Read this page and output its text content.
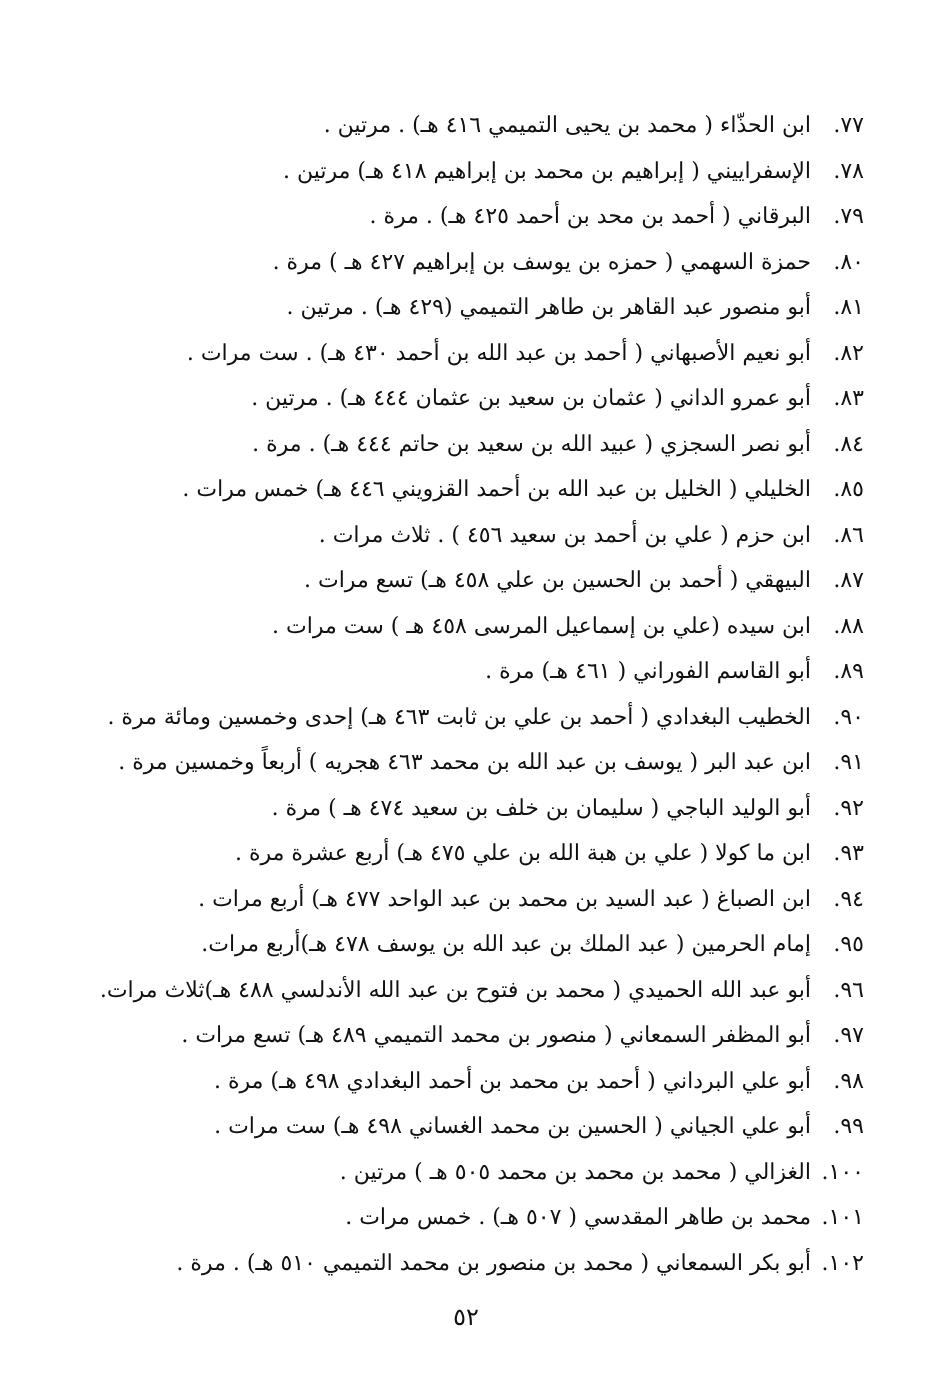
٧٧. ابن الحذّاء ( محمد بن يحيى التميمي ٤١٦ هـ) . مرتين .
٧٨. الإسفراييني ( إبراهيم بن محمد بن إبراهيم ٤١٨ هـ) مرتين .
٧٩. البرقاني ( أحمد بن محد بن أحمد ٤٢٥ هـ) . مرة .
٨٠. حمزة السهمي ( حمزه بن يوسف بن إبراهيم ٤٢٧ هـ ) مرة .
٨١. أبو منصور عبد القاهر بن طاهر التميمي (٤٢٩ هـ) . مرتين .
٨٢. أبو نعيم الأصبهاني ( أحمد بن عبد الله بن أحمد ٤٣٠ هـ) . ست مرات .
٨٣. أبو عمرو الداني ( عثمان بن سعيد بن عثمان ٤٤٤ هـ) . مرتين .
٨٤. أبو نصر السجزي ( عبيد الله بن سعيد بن حاتم ٤٤٤ هـ) . مرة .
٨٥. الخليلي ( الخليل بن عبد الله بن أحمد القزويني ٤٤٦ هـ) خمس مرات .
٨٦. ابن حزم ( علي بن أحمد بن سعيد ٤٥٦ ) . ثلاث مرات .
٨٧. البيهقي ( أحمد بن الحسين بن علي ٤٥٨ هـ) تسع مرات .
٨٨. ابن سيده (علي بن إسماعيل المرسى ٤٥٨ هـ ) ست مرات .
٨٩. أبو القاسم الفوراني ( ٤٦١ هـ) مرة .
٩٠. الخطيب البغدادي ( أحمد بن علي بن ثابت ٤٦٣ هـ) إحدى وخمسين ومائة مرة .
٩١. ابن عبد البر ( يوسف بن عبد الله بن محمد ٤٦٣ هجريه ) أربعاً وخمسين مرة .
٩٢. أبو الوليد الباجي ( سليمان بن خلف بن سعيد ٤٧٤ هـ ) مرة .
٩٣. ابن ما كولا ( علي بن هبة الله بن علي ٤٧٥ هـ) أربع عشرة مرة .
٩٤. ابن الصباغ ( عبد السيد بن محمد بن عبد الواحد ٤٧٧ هـ) أربع مرات .
٩٥. إمام الحرمين ( عبد الملك بن عبد الله بن يوسف ٤٧٨ هـ)أربع مرات.
٩٦. أبو عبد الله الحميدي ( محمد بن فتوح بن عبد الله الأندلسي ٤٨٨ هـ)ثلاث مرات.
٩٧. أبو المظفر السمعاني ( منصور بن محمد التميمي ٤٨٩ هـ) تسع مرات .
٩٨. أبو علي البرداني ( أحمد بن محمد بن أحمد البغدادي ٤٩٨ هـ) مرة .
٩٩. أبو علي الجياني ( الحسين بن محمد الغساني ٤٩٨ هـ) ست مرات .
١٠٠. الغزالي ( محمد بن محمد بن محمد ٥٠٥ هـ ) مرتين .
١٠١. محمد بن طاهر المقدسي ( ٥٠٧ هـ) . خمس مرات .
١٠٢. أبو بكر السمعاني ( محمد بن منصور بن محمد التميمي ٥١٠ هـ) . مرة .
٥٢
